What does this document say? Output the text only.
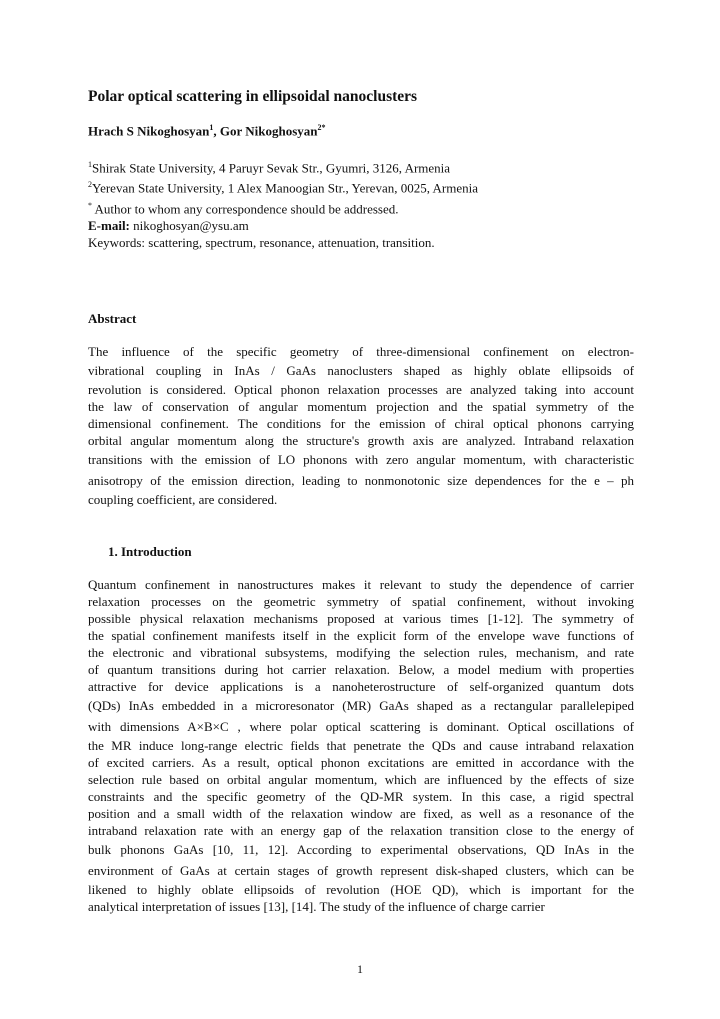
Polar optical scattering in ellipsoidal nanoclusters
Hrach S Nikoghosyan$^1$, Gor Nikoghosyan$^{2*}$
$^1$Shirak State University, 4 Paruyr Sevak Str., Gyumri, 3126, Armenia
$^2$Yerevan State University, 1 Alex Manoogian Str., Yerevan, 0025, Armenia
* Author to whom any correspondence should be addressed.
E-mail: nikoghosyan@ysu.am
Keywords: scattering, spectrum, resonance, attenuation, transition.
Abstract
The influence of the specific geometry of three-dimensional confinement on electron-
vibrational coupling in InAs / GaAs nanoclusters shaped as highly oblate ellipsoids of
revolution is considered. Optical phonon relaxation processes are analyzed taking into account
the law of conservation of angular momentum projection and the spatial symmetry of the
dimensional confinement. The conditions for the emission of chiral optical phonons carrying
orbital angular momentum along the structure's growth axis are analyzed. Intraband relaxation
transitions with the emission of LO phonons with zero angular momentum, with characteristic
anisotropy of the emission direction, leading to nonmonotonic size dependences for the e – ph
coupling coefficient, are considered.
1. Introduction
Quantum confinement in nanostructures makes it relevant to study the dependence of carrier
relaxation processes on the geometric symmetry of spatial confinement, without invoking
possible physical relaxation mechanisms proposed at various times [1-12]. The symmetry of
the spatial confinement manifests itself in the explicit form of the envelope wave functions of
the electronic and vibrational subsystems, modifying the selection rules, mechanism, and rate
of quantum transitions during hot carrier relaxation. Below, a model medium with properties
attractive for device applications is a nanoheterostructure of self-organized quantum dots
(QDs) InAs embedded in a microresonator (MR) GaAs shaped as a rectangular parallelepiped
with dimensions A×B×C , where polar optical scattering is dominant. Optical oscillations of
the MR induce long-range electric fields that penetrate the QDs and cause intraband relaxation
of excited carriers. As a result, optical phonon excitations are emitted in accordance with the
selection rule based on orbital angular momentum, which are influenced by the effects of size
constraints and the specific geometry of the QD-MR system. In this case, a rigid spectral
position and a small width of the relaxation window are fixed, as well as a resonance of the
intraband relaxation rate with an energy gap of the relaxation transition close to the energy of
bulk phonons GaAs [10, 11, 12]. According to experimental observations, QD InAs in the
environment of GaAs at certain stages of growth represent disk-shaped clusters, which can be
likened to highly oblate ellipsoids of revolution (HOE QD), which is important for the
analytical interpretation of issues [13], [14]. The study of the influence of charge carrier
1
